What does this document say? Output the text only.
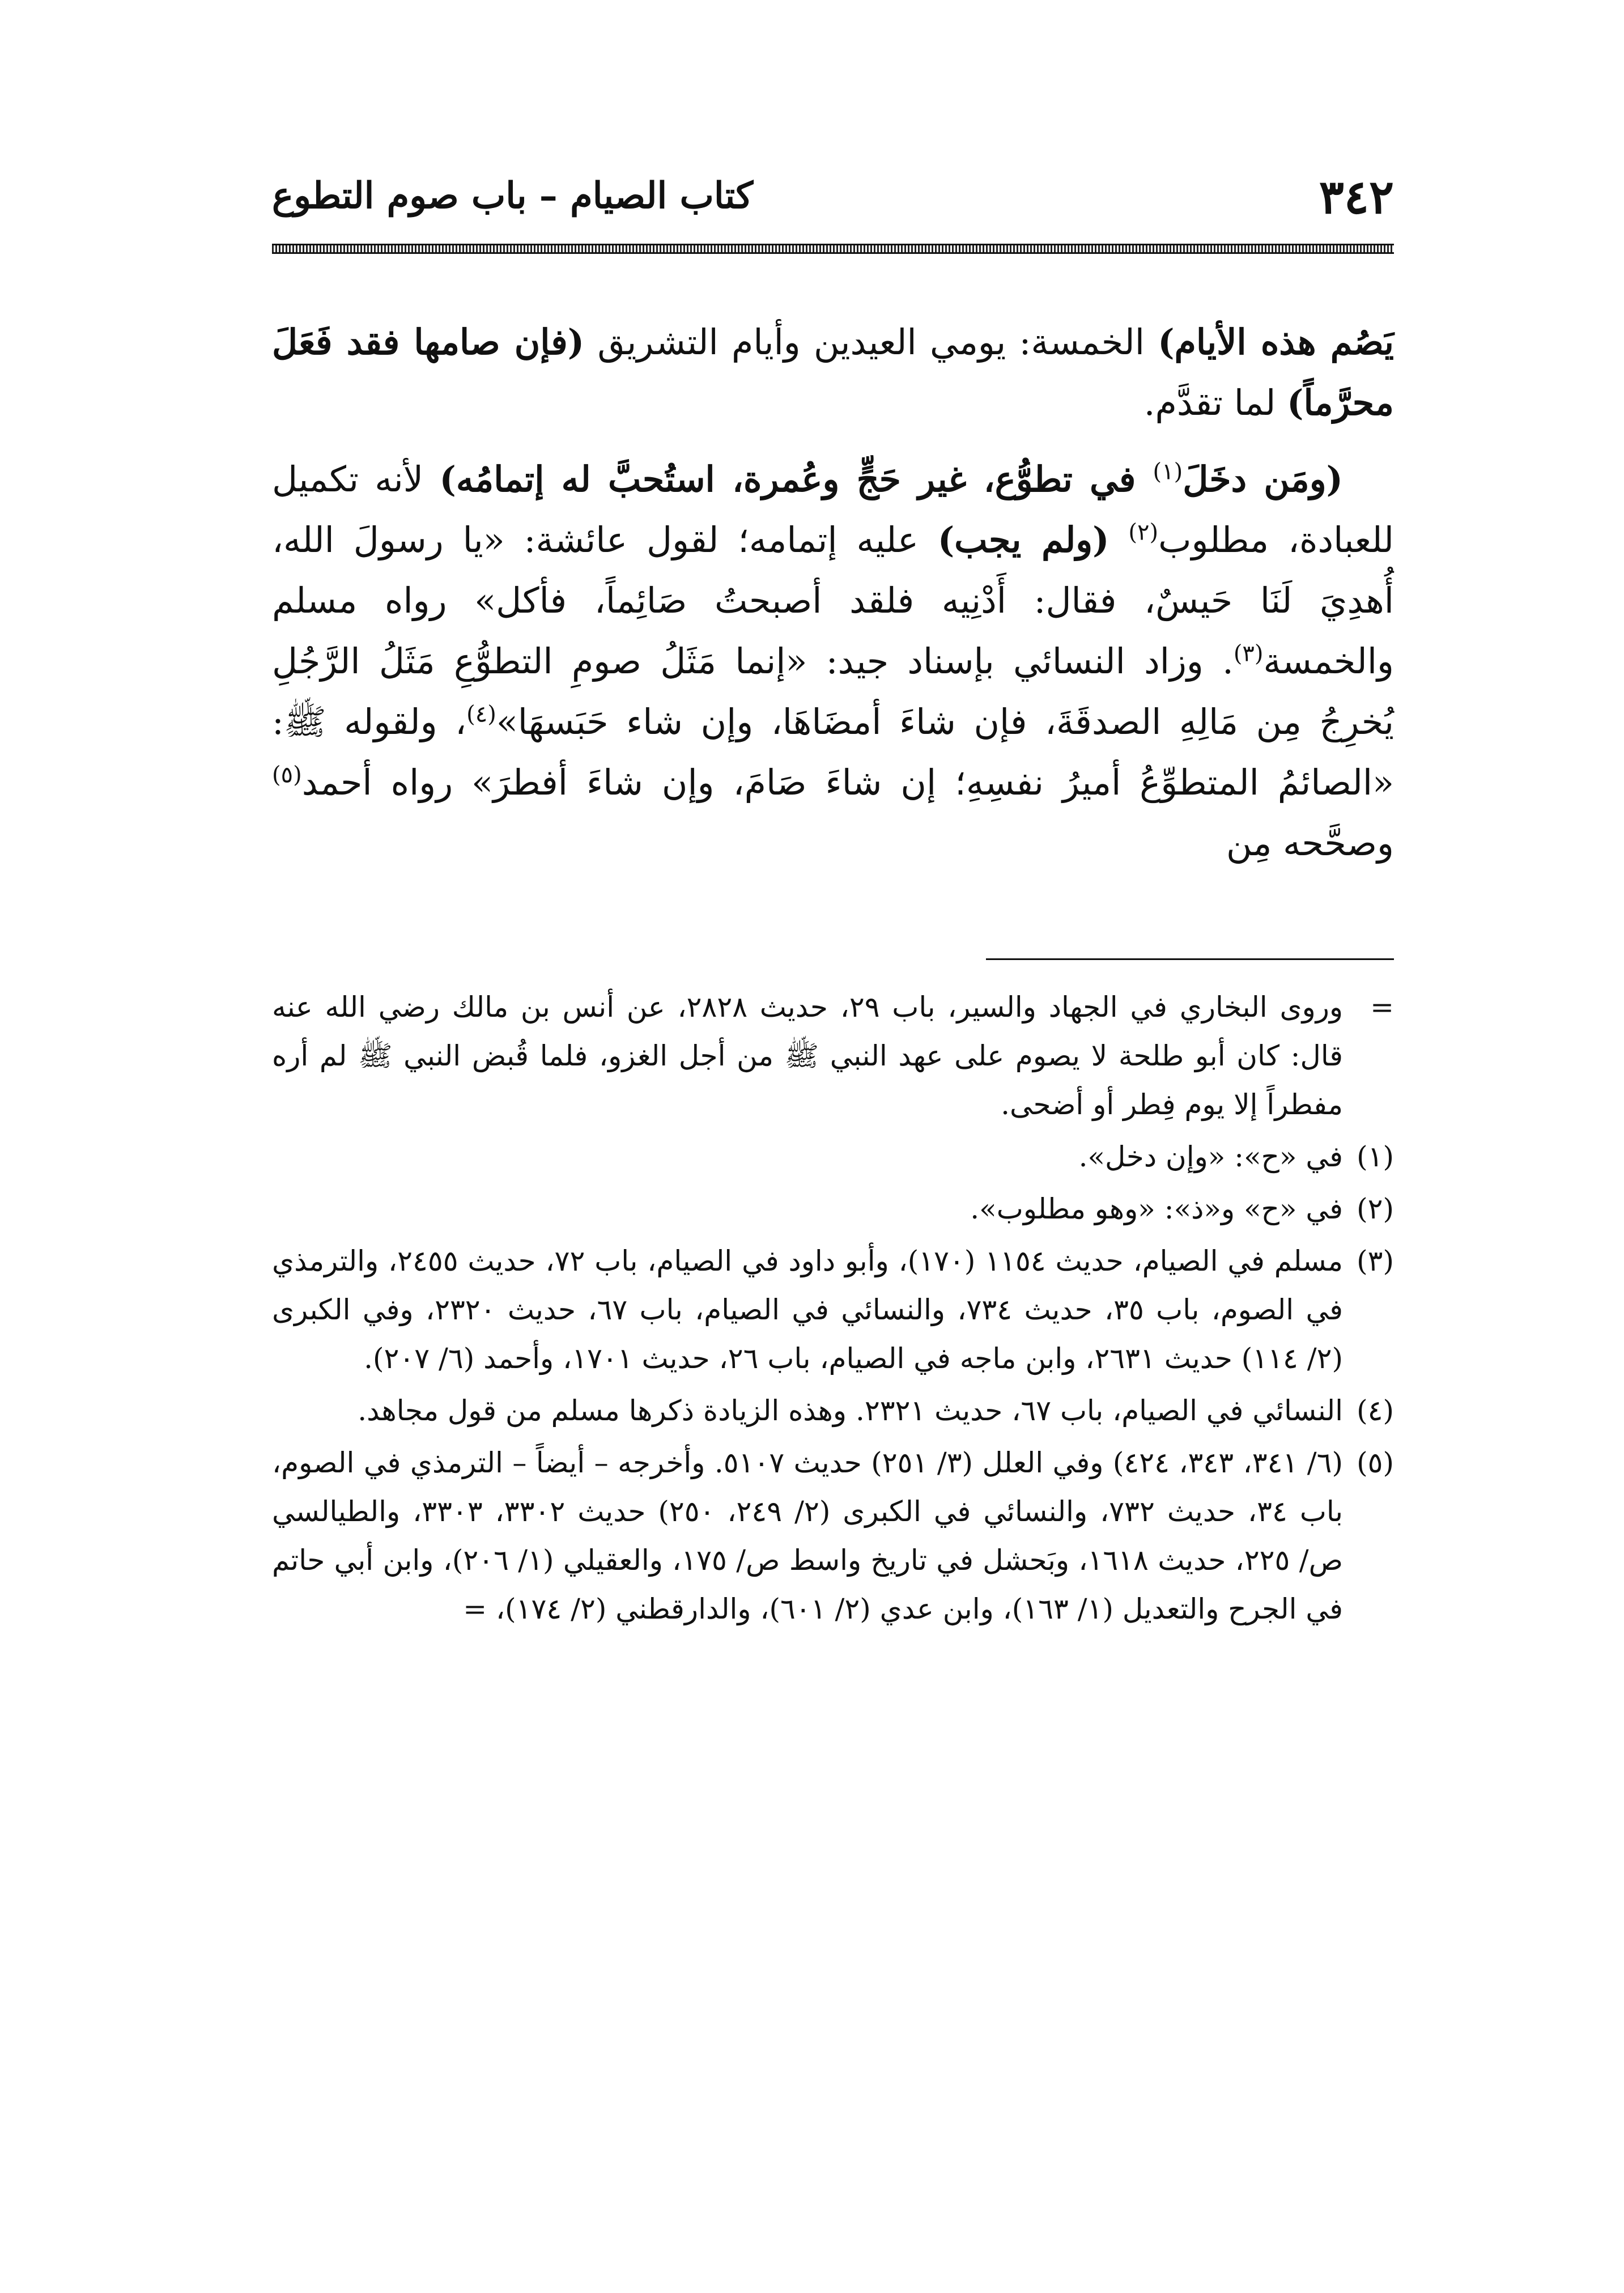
٣٤٢
كتاب الصيام – باب صوم التطوع

يَصُم هذه الأيام) الخمسة: يومي العيدين وأيام التشريق (فإن صامها فقد فَعَلَ محرَّماً) لما تقدَّم.

(ومَن دخَلَ$^{(١)}$ في تطوُّع، غير حَجٍّ وعُمرة، استُحبَّ له إتمامُه) لأنه تكميل للعبادة، مطلوب$^{(٢)}$ (ولم يجب) عليه إتمامه؛ لقول عائشة: «يا رسولَ الله، أُهدِيَ لَنَا حَيسٌ، فقال: أَدْنِيه فلقد أصبحتُ صَائِماً، فأكل» رواه مسلم والخمسة$^{(٣)}$. وزاد النسائي بإسناد جيد: «إنما مَثَلُ صومِ التطوُّعِ مَثَلُ الرَّجُلِ يُخرِجُ مِن مَالِهِ الصدقَةَ، فإن شاءَ أمضَاهَا، وإن شاء حَبَسهَا»$^{(٤)}$، ولقوله ﷺ: «الصائمُ المتطوِّعُ أميرُ نفسِهِ؛ إن شاءَ صَامَ، وإن شاءَ أفطرَ» رواه أحمد$^{(٥)}$ وصحَّحه مِن

=
وروى البخاري في الجهاد والسير، باب ٢٩، حديث ٢٨٢٨، عن أنس بن مالك رضي الله عنه قال: كان أبو طلحة لا يصوم على عهد النبي ﷺ من أجل الغزو، فلما قُبض النبي ﷺ لم أره مفطراً إلا يوم فِطر أو أضحى.
(١)
في «ح»: «وإن دخل».
(٢)
في «ح» و«ذ»: «وهو مطلوب».
(٣)
مسلم في الصيام، حديث ١١٥٤ (١٧٠)، وأبو داود في الصيام، باب ٧٢، حديث ٢٤٥٥، والترمذي في الصوم، باب ٣٥، حديث ٧٣٤، والنسائي في الصيام، باب ٦٧، حديث ٢٣٢٠، وفي الكبرى (٢/ ١١٤) حديث ٢٦٣١، وابن ماجه في الصيام، باب ٢٦، حديث ١٧٠١، وأحمد (٦/ ٢٠٧).
(٤)
النسائي في الصيام، باب ٦٧، حديث ٢٣٢١. وهذه الزيادة ذكرها مسلم من قول مجاهد.
(٥)
(٦/ ٣٤١، ٣٤٣، ٤٢٤) وفي العلل (٣/ ٢٥١) حديث ٥١٠٧. وأخرجه – أيضاً – الترمذي في الصوم، باب ٣٤، حديث ٧٣٢، والنسائي في الكبرى (٢/ ٢٤٩، ٢٥٠) حديث ٣٣٠٢، ٣٣٠٣، والطيالسي ص/ ٢٢٥، حديث ١٦١٨، وبَحشل في تاريخ واسط ص/ ١٧٥، والعقيلي (١/ ٢٠٦)، وابن أبي حاتم في الجرح والتعديل (١/ ١٦٣)، وابن عدي (٢/ ٦٠١)، والدارقطني (٢/ ١٧٤)، =
